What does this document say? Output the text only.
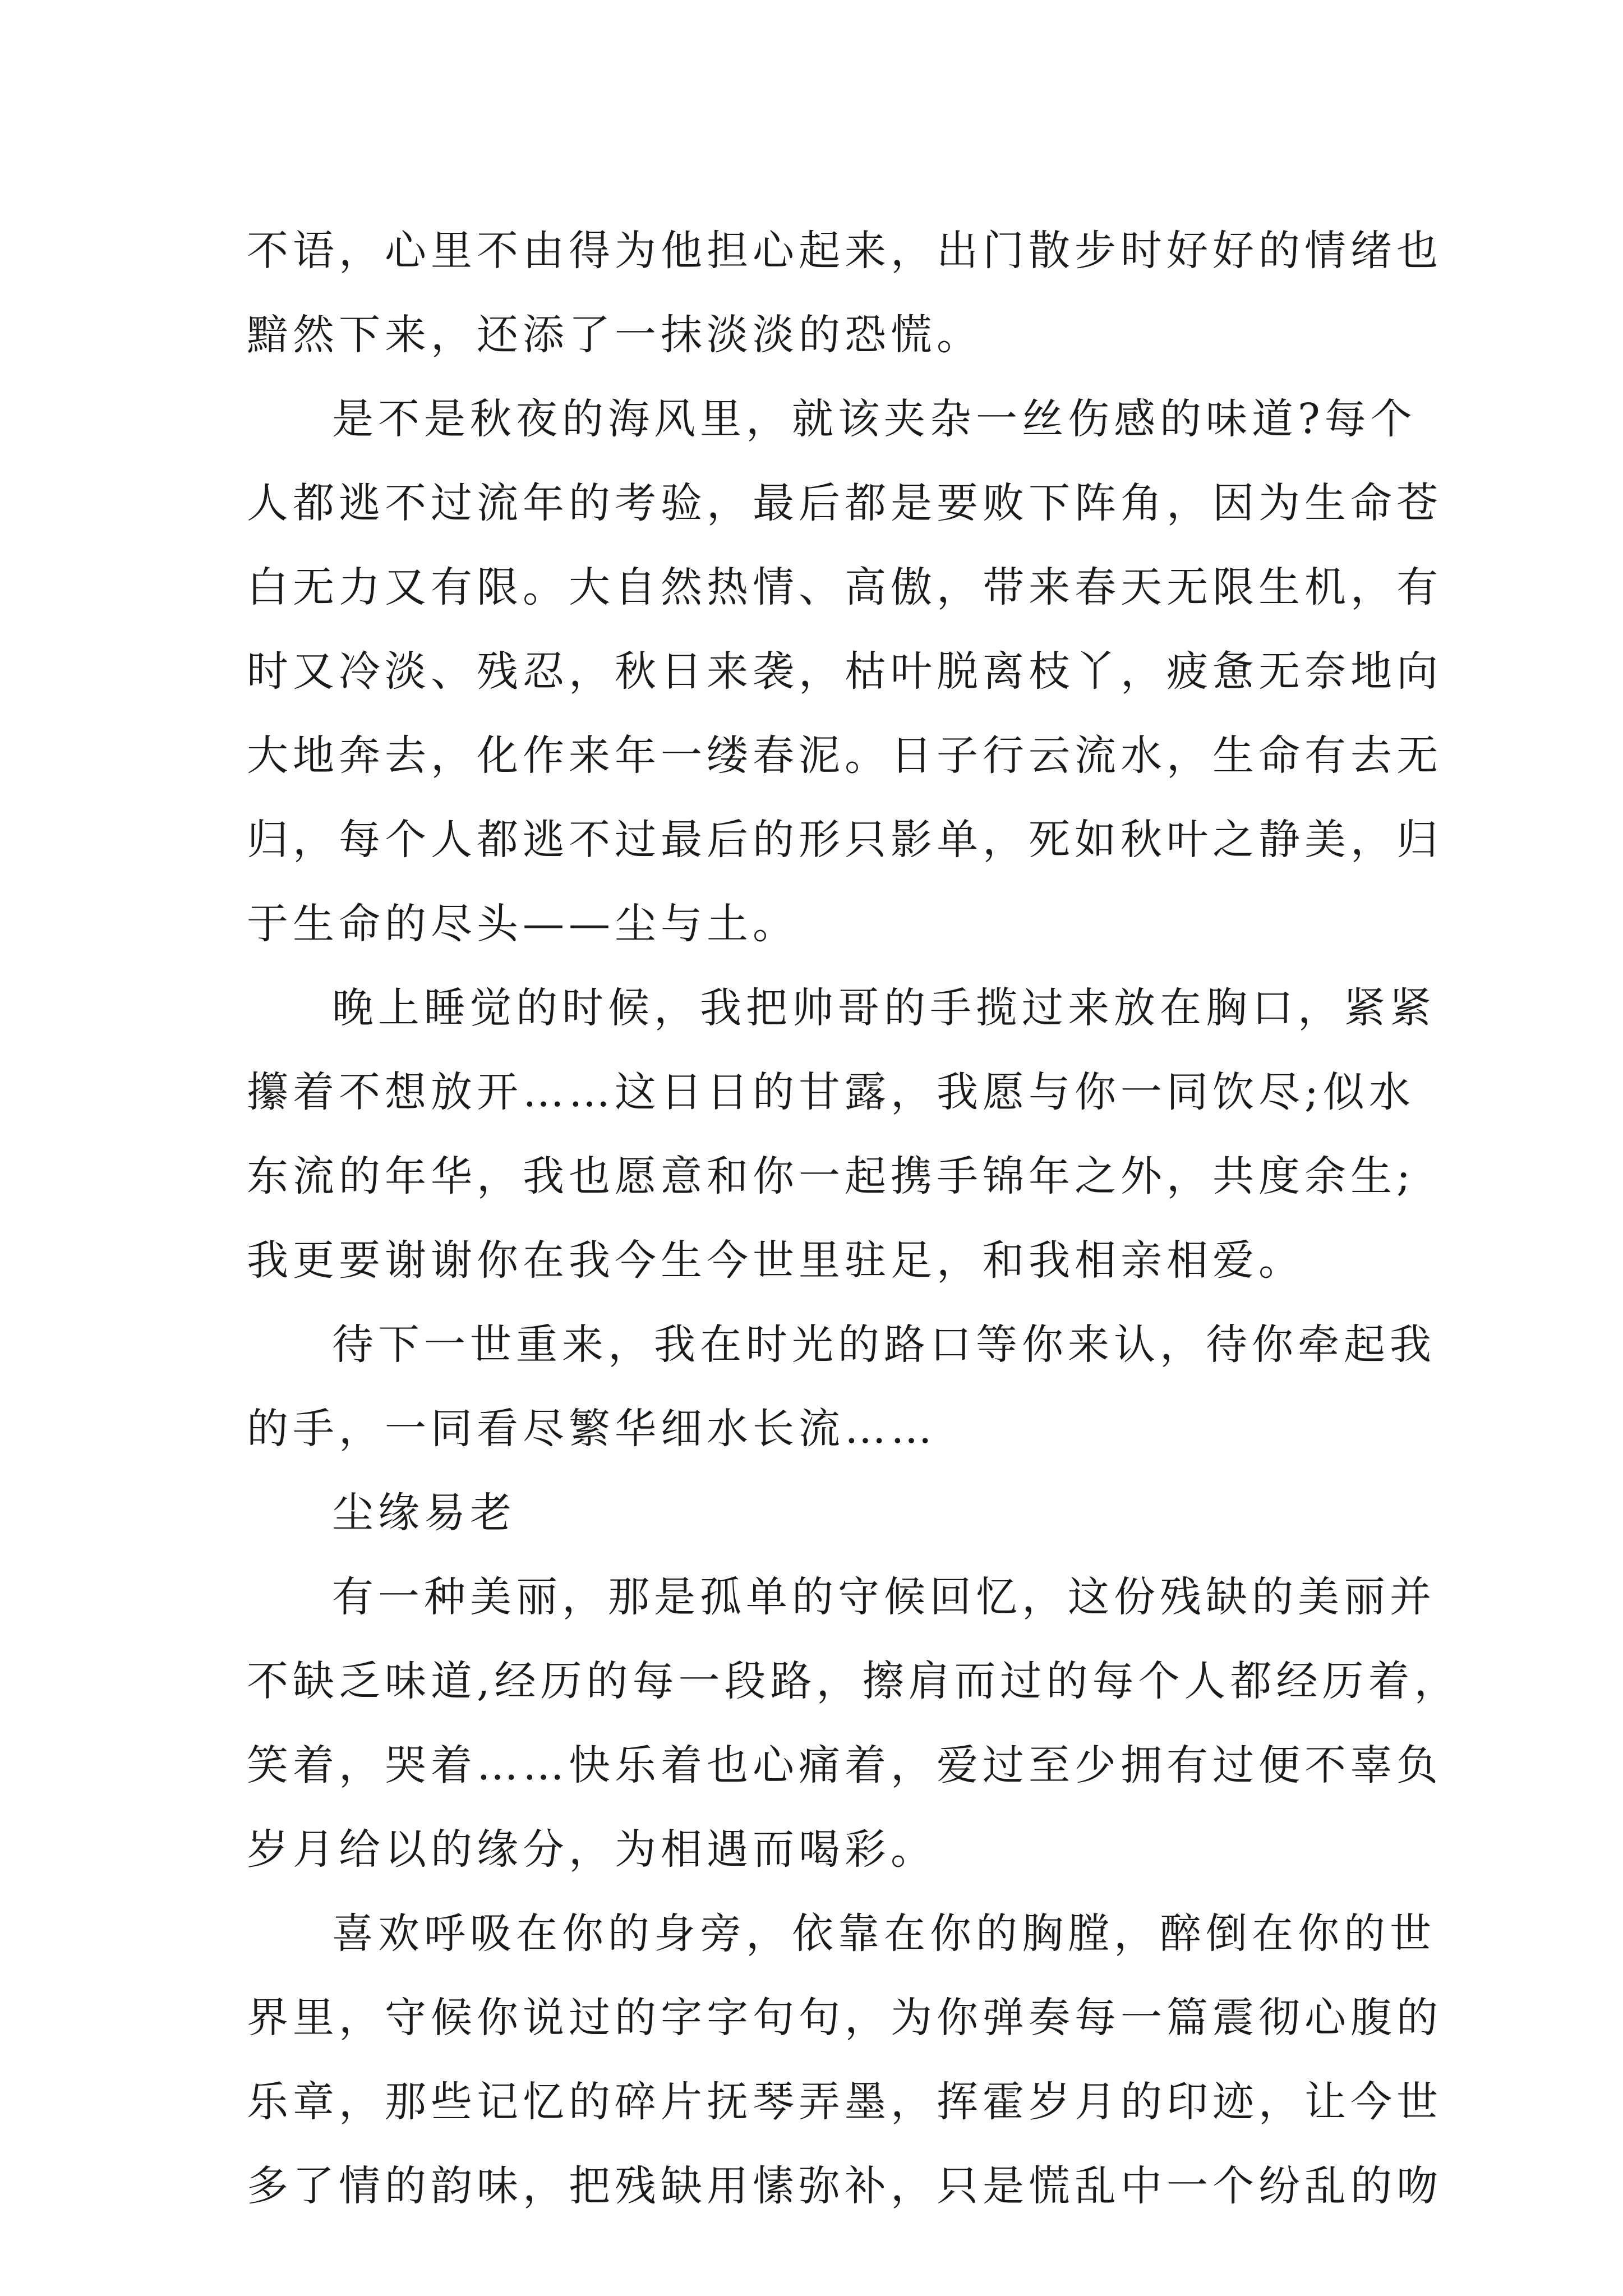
不语，心里不由得为他担心起来，出门散步时好好的情绪也
黯然下来，还添了一抹淡淡的恐慌。
是不是秋夜的海风里，就该夹杂一丝伤感的味道?每个
人都逃不过流年的考验，最后都是要败下阵角，因为生命苍
白无力又有限。大自然热情、高傲，带来春天无限生机，有
时又冷淡、残忍，秋日来袭，枯叶脱离枝丫，疲惫无奈地向
大地奔去，化作来年一缕春泥。日子行云流水，生命有去无
归，每个人都逃不过最后的形只影单，死如秋叶之静美，归
于生命的尽头——尘与土。
晚上睡觉的时候，我把帅哥的手揽过来放在胸口，紧紧
攥着不想放开……这日日的甘露，我愿与你一同饮尽;似水
东流的年华，我也愿意和你一起携手锦年之外，共度余生;
我更要谢谢你在我今生今世里驻足，和我相亲相爱。
待下一世重来，我在时光的路口等你来认，待你牵起我
的手，一同看尽繁华细水长流……
尘缘易老
有一种美丽，那是孤单的守候回忆，这份残缺的美丽并
不缺乏味道,经历的每一段路，擦肩而过的每个人都经历着，
笑着，哭着……快乐着也心痛着，爱过至少拥有过便不辜负
岁月给以的缘分，为相遇而喝彩。
喜欢呼吸在你的身旁，依靠在你的胸膛，醉倒在你的世
界里，守候你说过的字字句句，为你弹奏每一篇震彻心腹的
乐章，那些记忆的碎片抚琴弄墨，挥霍岁月的印迹，让今世
多了情的韵味，把残缺用愫弥补，只是慌乱中一个纷乱的吻
